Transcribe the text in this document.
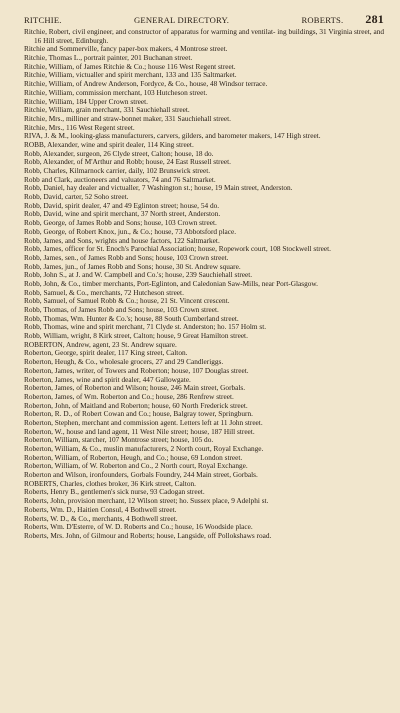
RITCHIE.	GENERAL DIRECTORY.	ROBERTS. 281
Ritchie, Robert, civil engineer, and constructor of apparatus for warming and ventilat- ing buildings, 31 Virginia street, and 16 Hill street, Edinburgh.
Ritchie and Sommerville, fancy paper-box makers, 4 Montrose street.
Ritchie, Thomas L., portrait painter, 201 Buchanan street.
Ritchie, William, of James Ritchie & Co.; house 116 West Regent street.
Ritchie, William, victualler and spirit merchant, 133 and 135 Saltmarket.
Ritchie, William, of Andrew Anderson, Fordyce, & Co., house, 48 Windsor terrace.
Ritchie, William, commission merchant, 103 Hutcheson street.
Ritchie, William, 184 Upper Crown street.
Ritchie, William, grain merchant, 331 Sauchiehall street.
Ritchie, Mrs., milliner and straw-bonnet maker, 331 Sauchiehall street.
Ritchie, Mrs., 116 West Regent street.
RIVA, J. & M., looking-glass manufacturers, carvers, gilders, and barometer makers, 147 High street.
ROBB, Alexander, wine and spirit dealer, 114 King street.
Robb, Alexander, surgeon, 26 Clyde street, Calton; house, 18 do.
Robb, Alexander, of M'Arthur and Robb; house, 24 East Russell street.
Robb, Charles, Kilmarnock carrier, daily, 102 Brunswick street.
Robb and Clark, auctioneers and valuators, 74 and 76 Saltmarket.
Robb, Daniel, hay dealer and victualler, 7 Washington st.; house, 19 Main street, Anderston.
Robb, David, carter, 52 Soho street.
Robb, David, spirit dealer, 47 and 49 Eglinton street; house, 54 do.
Robb, David, wine and spirit merchant, 37 North street, Anderston.
Robb, George, of James Robb and Sons; house, 103 Crown street.
Robb, George, of Robert Knox, jun., & Co.; house, 73 Abbotsford place.
Robb, James, and Sons, wrights and house factors, 122 Saltmarket.
Robb, James, officer for St. Enoch's Parochial Association; house, Ropework court, 108 Stockwell street.
Robb, James, sen., of James Robb and Sons; house, 103 Crown street.
Robb, James, jun., of James Robb and Sons; house, 30 St. Andrew square.
Robb, John S., at J. and W. Campbell and Co.'s; house, 239 Sauchiehall street.
Robb, John, & Co., timber merchants, Port-Eglinton, and Caledonian Saw-Mills, near Port-Glasgow.
Robb, Samuel, & Co., merchants, 72 Hutcheson street.
Robb, Samuel, of Samuel Robb & Co.; house, 21 St. Vincent crescent.
Robb, Thomas, of James Robb and Sons; house, 103 Crown street.
Robb, Thomas, Wm. Hunter & Co.'s; house, 88 South Cumberland street.
Robb, Thomas, wine and spirit merchant, 71 Clyde st. Anderston; ho. 157 Holm st.
Robb, William, wright, 8 Kirk street, Calton; house, 9 Great Hamilton street.
ROBERTON, Andrew, agent, 23 St. Andrew square.
Roberton, George, spirit dealer, 117 King street, Calton.
Roberton, Heugh, & Co., wholesale grocers, 27 and 29 Candleriggs.
Roberton, James, writer, of Towers and Roberton; house, 107 Douglas street.
Roberton, James, wine and spirit dealer, 447 Gallowgate.
Roberton, James, of Roberton and Wilson; house, 246 Main street, Gorbals.
Roberton, James, of Wm. Roberton and Co.; house, 286 Renfrew street.
Roberton, John, of Maitland and Roberton; house, 60 North Frederick street.
Roberton, R. D., of Robert Cowan and Co.; house, Balgray tower, Springburn.
Roberton, Stephen, merchant and commission agent. Letters left at 11 John street.
Roberton, W., house and land agent, 11 West Nile street; house, 187 Hill street.
Roberton, William, starcher, 107 Montrose street; house, 105 do.
Roberton, William, & Co., muslin manufacturers, 2 North court, Royal Exchange.
Roberton, William, of Roberton, Heugh, and Co.; house, 69 London street.
Roberton, William, of W. Roberton and Co., 2 North court, Royal Exchange.
Roberton and Wilson, ironfounders, Gorbals Foundry, 244 Main street, Gorbals.
ROBERTS, Charles, clothes broker, 36 Kirk street, Calton.
Roberts, Henry B., gentlemen's sick nurse, 93 Cadogan street.
Roberts, John, provision merchant, 12 Wilson street; ho. Sussex place, 9 Adelphi st.
Roberts, Wm. D., Haitien Consul, 4 Bothwell street.
Roberts, W. D., & Co., merchants, 4 Bothwell street.
Roberts, Wm. D'Esterre, of W. D. Roberts and Co.; house, 16 Woodside place.
Roberts, Mrs. John, of Gilmour and Roberts; house, Langside, off Pollokshaws road.
